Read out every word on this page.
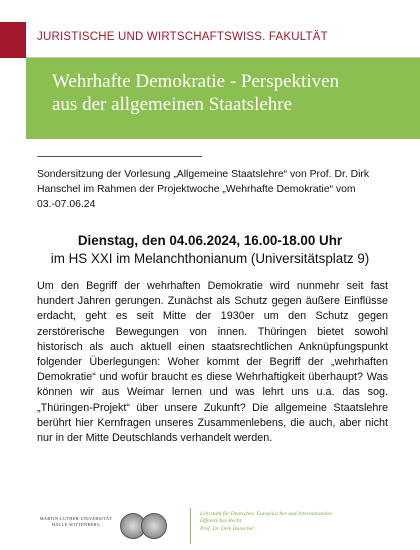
JURISTISCHE UND WIRTSCHAFTSWISS. FAKULTÄT
Wehrhafte Demokratie - Perspektiven
aus der allgemeinen Staatslehre
Sondersitzung der Vorlesung „Allgemeine Staatslehre“ von Prof. Dr. Dirk Hanschel im Rahmen der Projektwoche „Wehrhafte Demokratie“ vom 03.-07.06.24
Dienstag, den 04.06.2024, 16.00-18.00 Uhr
im HS XXI im Melanchthonianum (Universitätsplatz 9)
Um den Begriff der wehrhaften Demokratie wird nunmehr seit fast hundert Jahren gerungen. Zunächst als Schutz gegen äußere Einflüsse erdacht, geht es seit Mitte der 1930er um den Schutz gegen zerstörerische Bewegungen von innen. Thüringen bietet sowohl historisch als auch aktuell einen staatsrechtlichen Anknüpfungspunkt folgender Überlegungen: Woher kommt der Begriff der „wehrhaften Demokratie“ und wofür braucht es diese Wehrhaftigkeit überhaupt? Was können wir aus Weimar lernen und was lehrt uns u.a. das sog. „Thüringen-Projekt“ über unsere Zukunft? Die allgemeine Staatslehre berührt hier Kernfragen unseres Zusammenlebens, die auch, aber nicht nur in der Mitte Deutschlands verhandelt werden.
MARTIN-LUTHER-UNIVERSITÄT
HALLE-WITTENBERG
Lehrstuhl für Deutsches, Europäisches und Internationales
Öffentliches Recht
Prof. Dr. Dirk Hanschel
